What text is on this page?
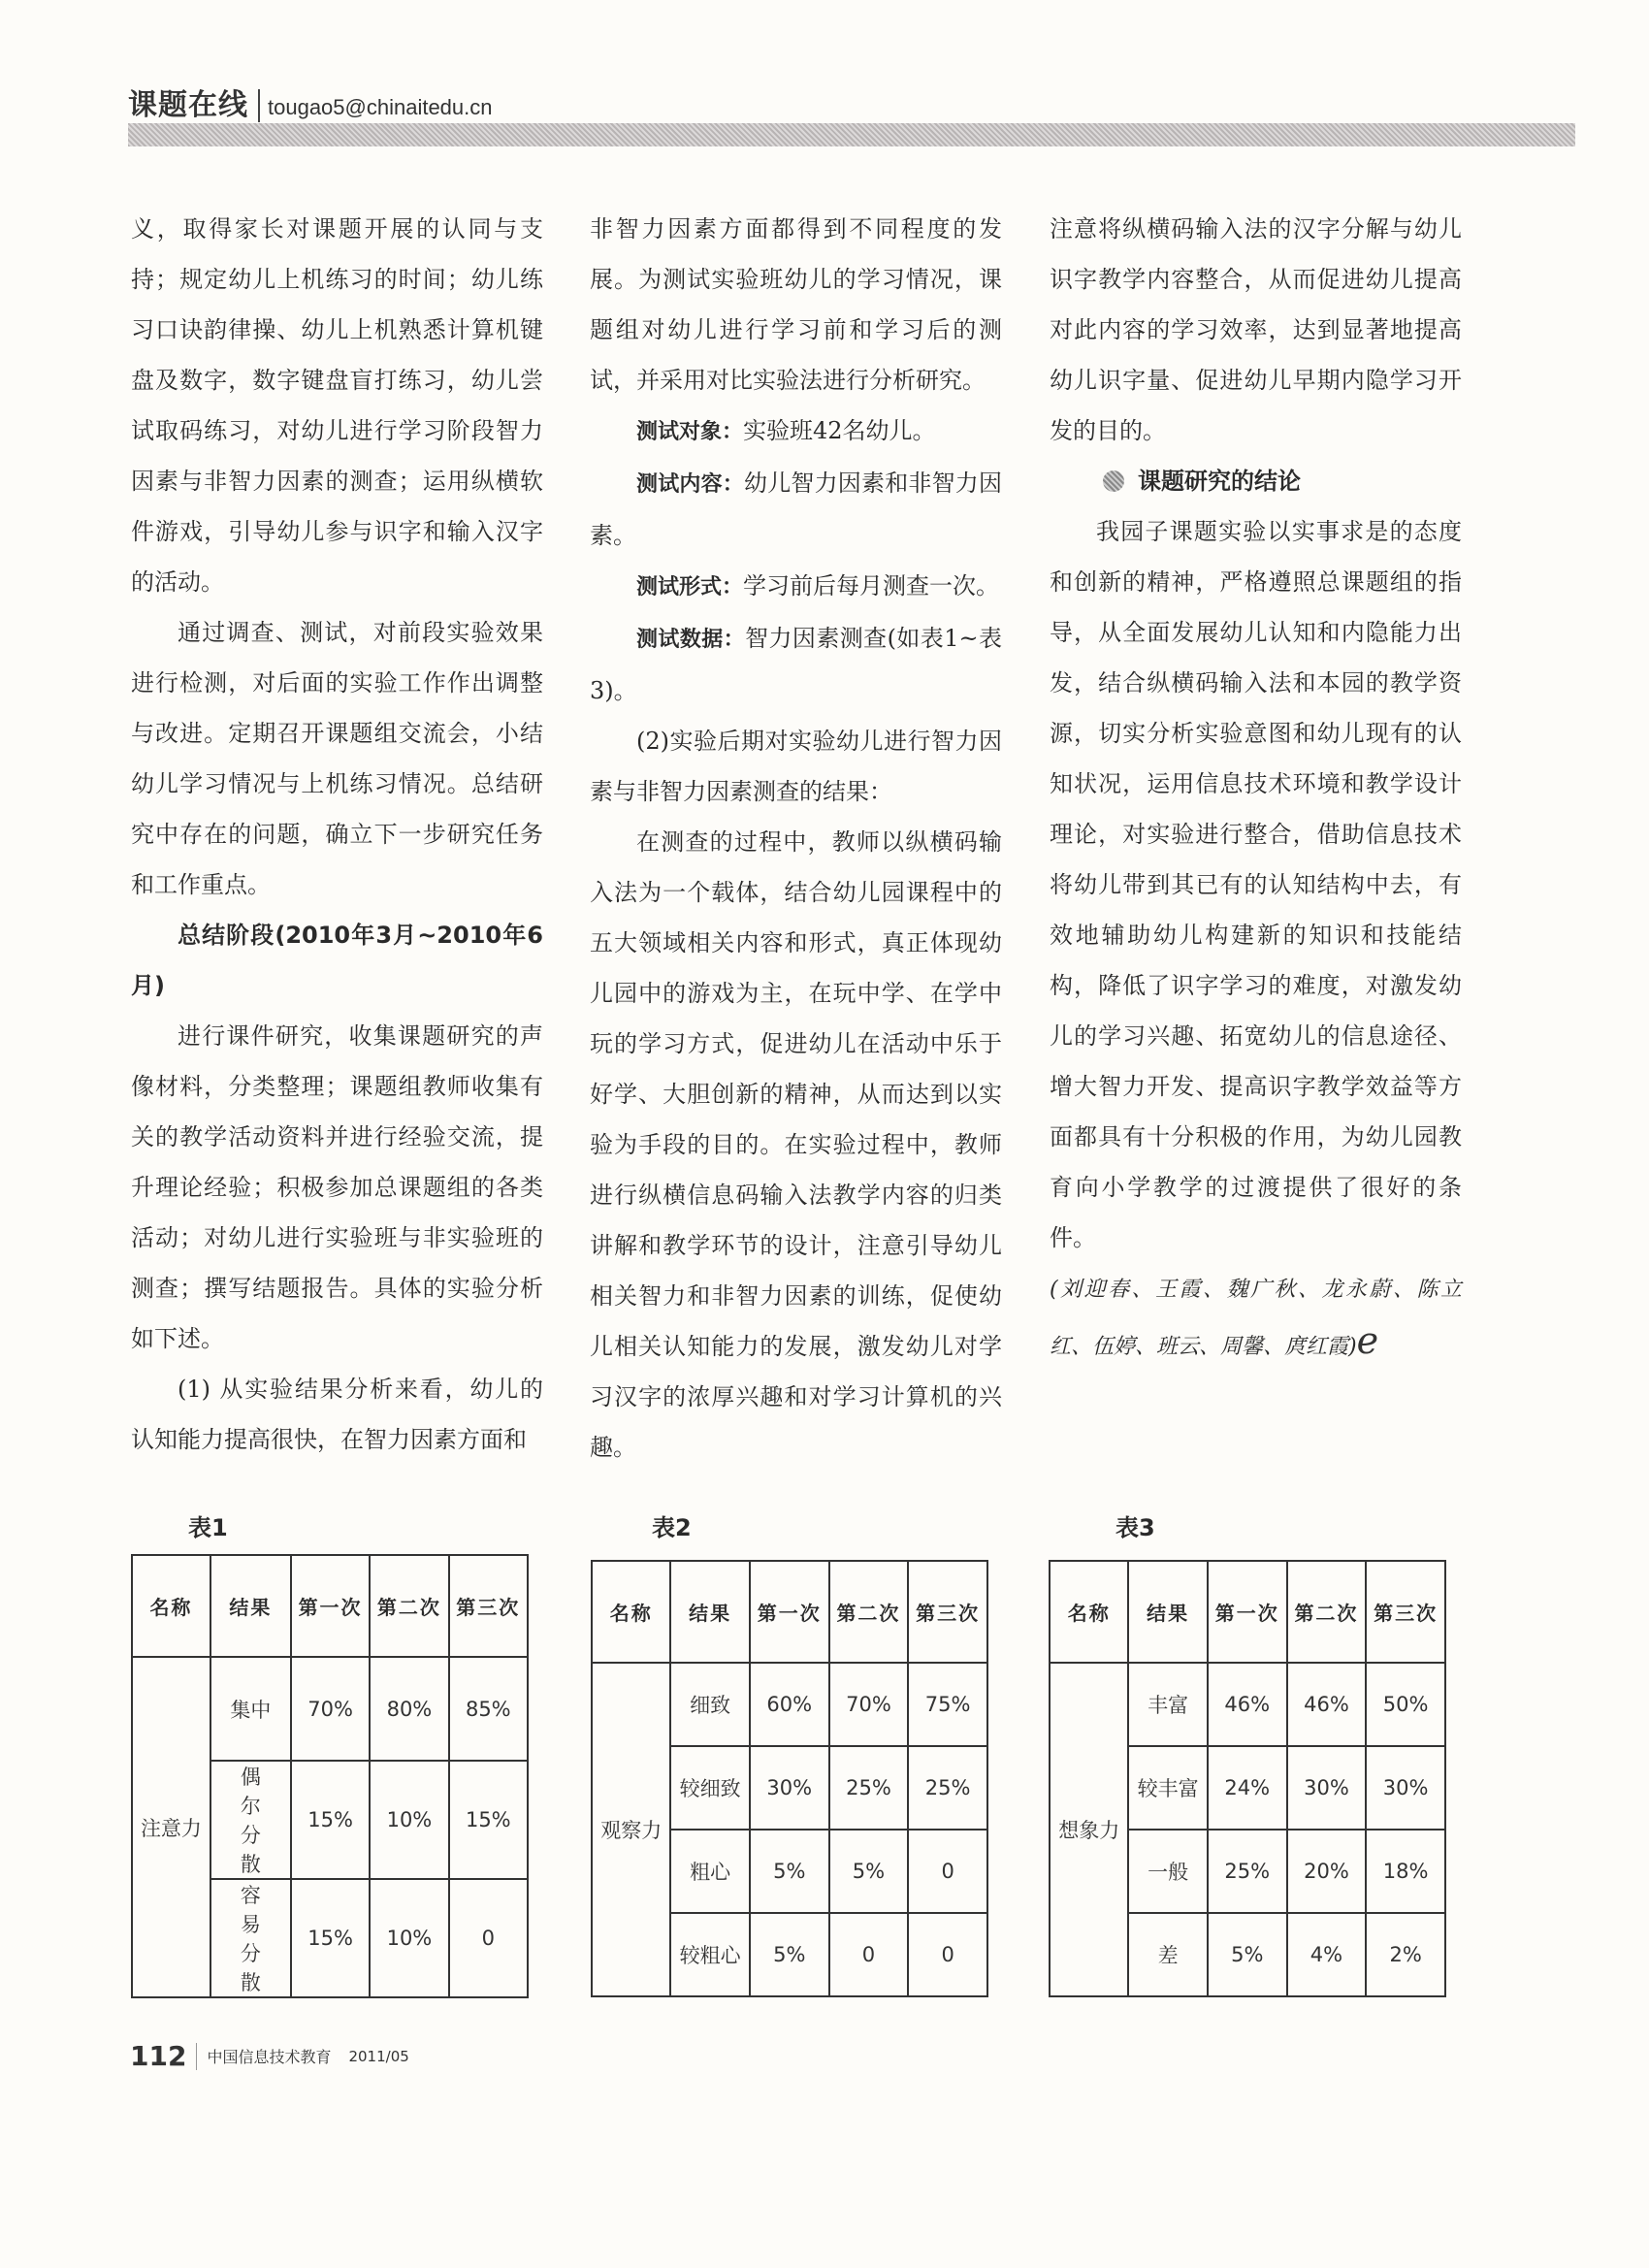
课题在线 tougao5@chinaitedu.cn

义，取得家长对课题开展的认同与支持；规定幼儿上机练习的时间；幼儿练习口诀韵律操、幼儿上机熟悉计算机键盘及数字，数字键盘盲打练习，幼儿尝试取码练习，对幼儿进行学习阶段智力因素与非智力因素的测查；运用纵横软件游戏，引导幼儿参与识字和输入汉字的活动。

通过调查、测试，对前段实验效果进行检测，对后面的实验工作作出调整与改进。定期召开课题组交流会，小结幼儿学习情况与上机练习情况。总结研究中存在的问题，确立下一步研究任务和工作重点。

总结阶段(2010年3月~2010年6月)

进行课件研究，收集课题研究的声像材料，分类整理；课题组教师收集有关的教学活动资料并进行经验交流，提升理论经验；积极参加总课题组的各类活动；对幼儿进行实验班与非实验班的测查；撰写结题报告。具体的实验分析如下述。

(1) 从实验结果分析来看，幼儿的认知能力提高很快，在智力因素方面和

非智力因素方面都得到不同程度的发展。为测试实验班幼儿的学习情况，课题组对幼儿进行学习前和学习后的测试，并采用对比实验法进行分析研究。

测试对象：实验班42名幼儿。

测试内容：幼儿智力因素和非智力因素。

测试形式：学习前后每月测查一次。

测试数据：智力因素测查(如表1~表3)。

(2)实验后期对实验幼儿进行智力因素与非智力因素测查的结果：

在测查的过程中，教师以纵横码输入法为一个载体，结合幼儿园课程中的五大领域相关内容和形式，真正体现幼儿园中的游戏为主，在玩中学、在学中玩的学习方式，促进幼儿在活动中乐于好学、大胆创新的精神，从而达到以实验为手段的目的。在实验过程中，教师进行纵横信息码输入法教学内容的归类讲解和教学环节的设计，注意引导幼儿相关智力和非智力因素的训练，促使幼儿相关认知能力的发展，激发幼儿对学习汉字的浓厚兴趣和对学习计算机的兴趣。

注意将纵横码输入法的汉字分解与幼儿识字教学内容整合，从而促进幼儿提高对此内容的学习效率，达到显著地提高幼儿识字量、促进幼儿早期内隐学习开发的目的。

课题研究的结论

我园子课题实验以实事求是的态度和创新的精神，严格遵照总课题组的指导，从全面发展幼儿认知和内隐能力出发，结合纵横码输入法和本园的教学资源，切实分析实验意图和幼儿现有的认知状况，运用信息技术环境和教学设计理论，对实验进行整合，借助信息技术将幼儿带到其已有的认知结构中去，有效地辅助幼儿构建新的知识和技能结构，降低了识字学习的难度，对激发幼儿的学习兴趣、拓宽幼儿的信息途径、增大智力开发、提高识字教学效益等方面都具有十分积极的作用，为幼儿园教育向小学教学的过渡提供了很好的条件。

(刘迎春、王霞、魏广秋、龙永蔚、陈立红、伍婷、班云、周馨、庹红霞)e

表1
名称	结果	第一次	第二次	第三次
注意力	集中	70%	80%	85%
	偶尔分散	15%	10%	15%
	容易分散	15%	10%	0
表2
名称	结果	第一次	第二次	第三次
观察力	细致	60%	70%	75%
	较细致	30%	25%	25%
	粗心	5%	5%	0
	较粗心	5%	0	0
表3
名称	结果	第一次	第二次	第三次
想象力	丰富	46%	46%	50%
	较丰富	24%	30%	30%
	一般	25%	20%	18%
	差	5%	4%	2%
112 中国信息技术教育 2011/05
